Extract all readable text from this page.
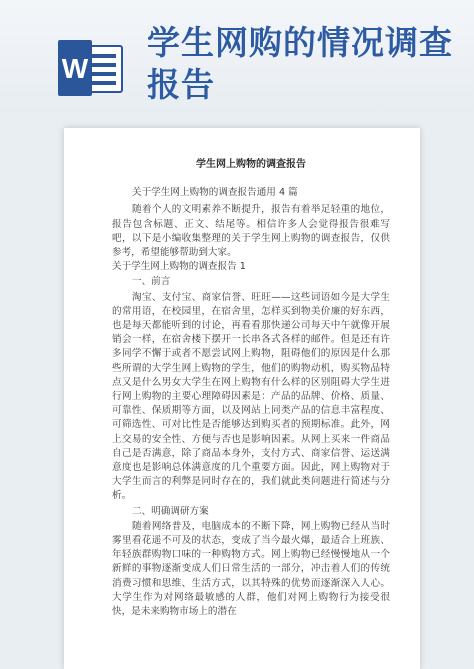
W
学生网购的情况调查报告
学生网上购物的调查报告

关于学生网上购物的调查报告通用 4 篇

随着个人的文明素养不断提升，报告有着举足轻重的地位，报告包含标题、正文、结尾等。相信许多人会觉得报告很难写吧，以下是小编收集整理的关于学生网上购物的调查报告，仅供参考，希望能够帮助到大家。

关于学生网上购物的调查报告 1

一、前言

淘宝、支付宝、商家信誉、旺旺——这些词语如今是大学生的常用语，在校园里，在宿舍里，怎样买到物美价廉的好东西，也是每天都能听到的讨论，再看看那快递公司每天中午就像开展销会一样，在宿舍楼下摆开一长串各式各样的邮件。但是还有许多同学不懈于或者不愿尝试网上购物，阻碍他们的原因是什么那些所谓的大学生网上购物的学生，他们的购物动机，购买物品特点又是什么男女大学生在网上购物有什么样的区别阻碍大学生进行网上购物的主要心理障碍因素是：产品的品牌、价格、质量、可靠性、保质期等方面，以及网站上同类产品的信息丰富程度、可筛选性、可对比性是否能够达到购买者的预期标准。此外，网上交易的安全性、方便与否也是影响因素。从网上买来一件商品自己是否满意，除了商品本身外，支付方式、商家信誉、运送满意度也是影响总体满意度的几个重要方面。因此，网上购物对于大学生而言的利弊是同时存在的，我们就此类问题进行简述与分析。

二、明确调研方案

随着网络普及，电脑成本的不断下降，网上购物已经从当时雾里看花遥不可及的状态，变成了当今最火爆，最适合上班族、年轻族群购物口味的一种购物方式。网上购物已经慢慢地从一个新鲜的事物逐渐变成人们日常生活的一部分，冲击着人们的传统消费习惯和思维、生活方式，以其特殊的优势而逐渐深入人心。大学生作为对网络最敏感的人群，他们对网上购物行为接受很快，是未来购物市场上的潜在
